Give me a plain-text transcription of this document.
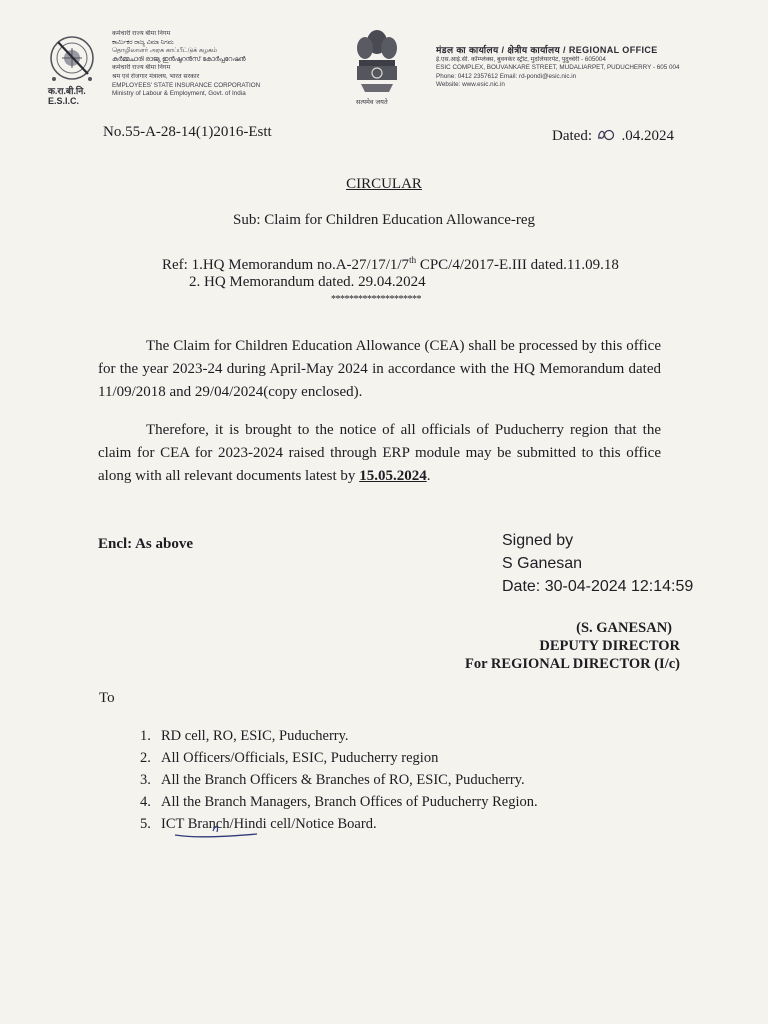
क.रा.बी.नि.
E.S.I.C.
कर्मचारी राज्य बीमा निगम
ಕಾರ್ಮಿಕರ ರಾಜ್ಯ ವಿಮಾ ನಿಗಮ
தொழிலாளர் அரசு காப்பீட்டுக் கழகம்
കർമ്മചാരി രാജ്യ ഇൻഷുറൻസ് കോർപ്പറേഷൻ
कर्मचारी राज्य बीमा निगम
श्रम एवं रोजगार मंत्रालय, भारत सरकार
EMPLOYEES' STATE INSURANCE CORPORATION
Ministry of Labour & Employment, Govt. of India
सत्यमेव जयते
मंडल का कार्यालय / क्षेत्रीय कार्यालय / REGIONAL OFFICE
ई.एस.आई.सी. कॉम्प्लेक्स, बुवनकेर स्ट्रीट, मुदलियारपेट, पुदुच्चेरी - 605004
ESIC COMPLEX, BOUVANKARE STREET, MUDALIARPET, PUDUCHERRY - 605 004
Phone: 0412 2357612 Email: rd-pondi@esic.nic.in
Website: www.esic.nic.in
No.55-A-28-14(1)2016-Estt	Dated: .04.2024
CIRCULAR
Sub: Claim for Children Education Allowance-reg
Ref: 1.HQ Memorandum no.A-27/17/1/7th CPC/4/2017-E.III dated.11.09.18
2. HQ Memorandum dated. 29.04.2024
********************
The Claim for Children Education Allowance (CEA) shall be processed by this office for the year 2023-24 during April-May 2024 in accordance with the HQ Memorandum dated 11/09/2018 and 29/04/2024(copy enclosed).
Therefore, it is brought to the notice of all officials of Puducherry region that the claim for CEA for 2023-2024 raised through ERP module may be submitted to this office along with all relevant documents latest by 15.05.2024.
Encl: As above	Signed by
S Ganesan
Date: 30-04-2024 12:14:59
(S. GANESAN)
DEPUTY DIRECTOR
For REGIONAL DIRECTOR (I/c)
To
1. RD cell, RO, ESIC, Puducherry.
2. All Officers/Officials, ESIC, Puducherry region
3. All the Branch Officers & Branches of RO, ESIC, Puducherry.
4. All the Branch Managers, Branch Offices of Puducherry Region.
5. ICT Branch/Hindi cell/Notice Board.
